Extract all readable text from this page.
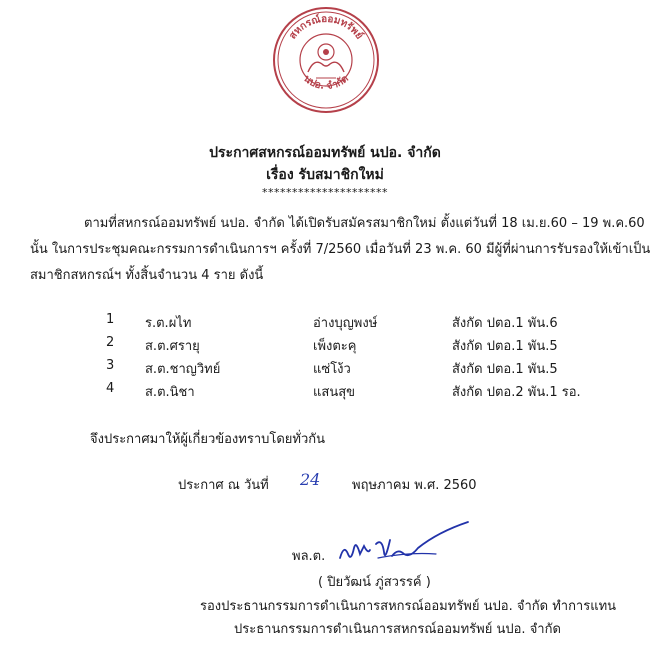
สหกรณ์ออมทรัพย์
นปอ. จำกัด
ประกาศสหกรณ์ออมทรัพย์ นปอ. จำกัด
เรื่อง รับสมาชิกใหม่
*********************
ตามที่สหกรณ์ออมทรัพย์ นปอ. จำกัด ได้เปิดรับสมัครสมาชิกใหม่ ตั้งแต่วันที่ 18 เม.ย.60 – 19 พ.ค.60
นั้น ในการประชุมคณะกรรมการดำเนินการฯ ครั้งที่ 7/2560 เมื่อวันที่ 23 พ.ค. 60 มีผู้ที่ผ่านการรับรองให้เข้าเป็น
สมาชิกสหกรณ์ฯ ทั้งสิ้นจำนวน 4 ราย ดังนี้
1 ร.ต.ผไท	อ่างบุญพงษ์	สังกัด ปตอ.1 พัน.6
2 ส.ต.ศรายุ	เพ็งตะคุ	สังกัด ปตอ.1 พัน.5
3 ส.ต.ชาญวิทย์	แซ่โง้ว	สังกัด ปตอ.1 พัน.5
4 ส.ต.นิชา	แสนสุข	สังกัด ปตอ.2 พัน.1 รอ.
จึงประกาศมาให้ผู้เกี่ยวข้องทราบโดยทั่วกัน
ประกาศ ณ วันที่ 24 พฤษภาคม พ.ศ. 2560
พล.ต.
( ปิยวัฒน์ ภู่สวรรค์ )
รองประธานกรรมการดำเนินการสหกรณ์ออมทรัพย์ นปอ. จำกัด ทำการแทน
ประธานกรรมการดำเนินการสหกรณ์ออมทรัพย์ นปอ. จำกัด
